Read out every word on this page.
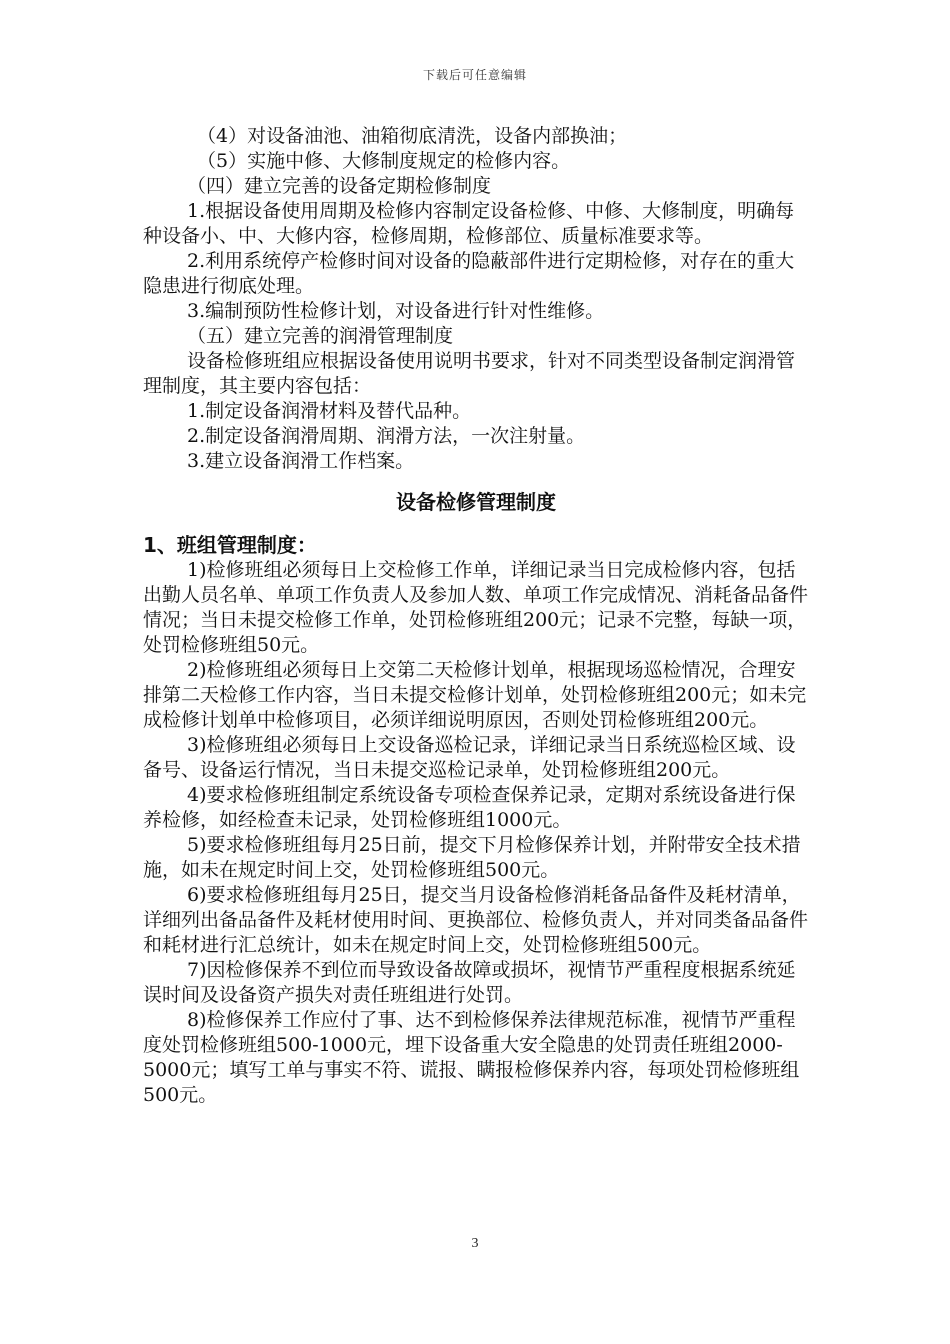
下载后可任意编辑

（4）对设备油池、油箱彻底清洗，设备内部换油；

（5）实施中修、大修制度规定的检修内容。

（四）建立完善的设备定期检修制度

1.根据设备使用周期及检修内容制定设备检修、中修、大修制度，明确每种设备小、中、大修内容，检修周期，检修部位、质量标准要求等。

2.利用系统停产检修时间对设备的隐蔽部件进行定期检修，对存在的重大隐患进行彻底处理。

3.编制预防性检修计划，对设备进行针对性维修。

（五）建立完善的润滑管理制度

设备检修班组应根据设备使用说明书要求，针对不同类型设备制定润滑管理制度，其主要内容包括：

1.制定设备润滑材料及替代品种。

2.制定设备润滑周期、润滑方法，一次注射量。

3.建立设备润滑工作档案。

设备检修管理制度

1、班组管理制度：

1)检修班组必须每日上交检修工作单，详细记录当日完成检修内容，包括出勤人员名单、单项工作负责人及参加人数、单项工作完成情况、消耗备品备件情况；当日未提交检修工作单，处罚检修班组200元；记录不完整，每缺一项，处罚检修班组50元。

2)检修班组必须每日上交第二天检修计划单，根据现场巡检情况，合理安排第二天检修工作内容，当日未提交检修计划单，处罚检修班组200元；如未完成检修计划单中检修项目，必须详细说明原因，否则处罚检修班组200元。

3)检修班组必须每日上交设备巡检记录，详细记录当日系统巡检区域、设备号、设备运行情况，当日未提交巡检记录单，处罚检修班组200元。

4)要求检修班组制定系统设备专项检查保养记录，定期对系统设备进行保养检修，如经检查未记录，处罚检修班组1000元。

5)要求检修班组每月25日前，提交下月检修保养计划，并附带安全技术措施，如未在规定时间上交，处罚检修班组500元。

6)要求检修班组每月25日，提交当月设备检修消耗备品备件及耗材清单，详细列出备品备件及耗材使用时间、更换部位、检修负责人，并对同类备品备件和耗材进行汇总统计，如未在规定时间上交，处罚检修班组500元。

7)因检修保养不到位而导致设备故障或损坏，视情节严重程度根据系统延误时间及设备资产损失对责任班组进行处罚。

8)检修保养工作应付了事、达不到检修保养法律规范标准，视情节严重程度处罚检修班组500-1000元，埋下设备重大安全隐患的处罚责任班组2000-5000元；填写工单与事实不符、谎报、瞒报检修保养内容，每项处罚检修班组500元。

3
